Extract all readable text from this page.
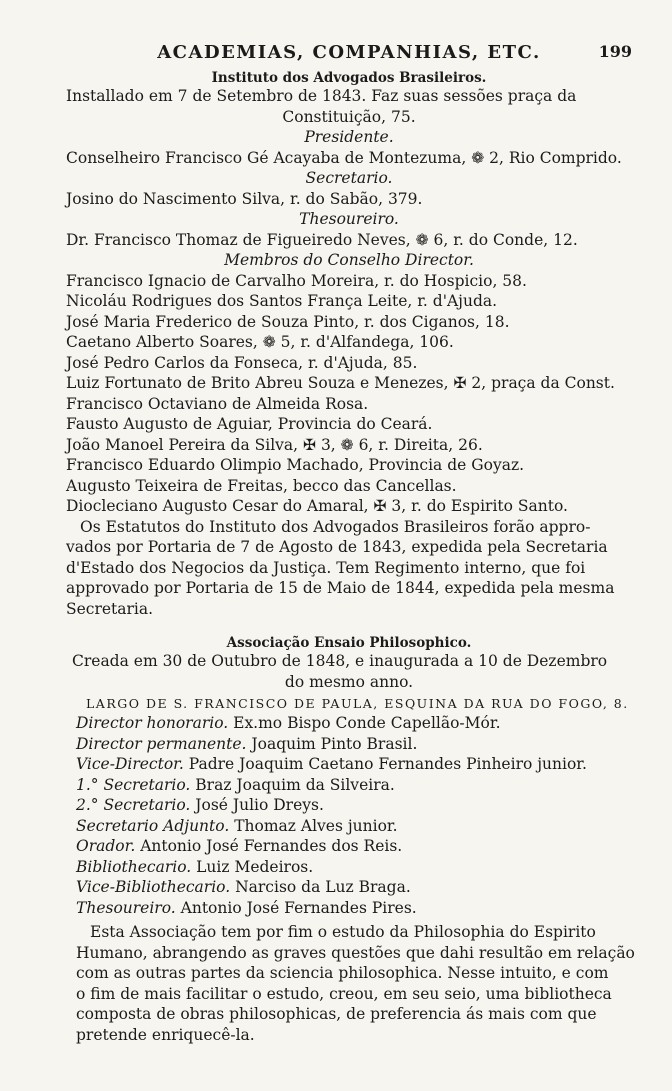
ACADEMIAS, COMPANHIAS, ETC.	199
Instituto dos Advogados Brasileiros.
Installado em 7 de Setembro de 1843. Faz suas sessões praça da
Constituição, 75.
Presidente.
Conselheiro Francisco Gé Acayaba de Montezuma, ❁ 2, Rio Comprido.
Secretario.
Josino do Nascimento Silva, r. do Sabão, 379.
Thesoureiro.
Dr. Francisco Thomaz de Figueiredo Neves, ❁ 6, r. do Conde, 12.
Membros do Conselho Director.
Francisco Ignacio de Carvalho Moreira, r. do Hospicio, 58.
Nicoláu Rodrigues dos Santos França Leite, r. d'Ajuda.
José Maria Frederico de Souza Pinto, r. dos Ciganos, 18.
Caetano Alberto Soares, ❁ 5, r. d'Alfandega, 106.
José Pedro Carlos da Fonseca, r. d'Ajuda, 85.
Luiz Fortunato de Brito Abreu Souza e Menezes, ✠ 2, praça da Const.
Francisco Octaviano de Almeida Rosa.
Fausto Augusto de Aguiar, Provincia do Ceará.
João Manoel Pereira da Silva, ✠ 3, ❁ 6, r. Direita, 26.
Francisco Eduardo Olimpio Machado, Provincia de Goyaz.
Augusto Teixeira de Freitas, becco das Cancellas.
Diocleciano Augusto Cesar do Amaral, ✠ 3, r. do Espirito Santo.
Os Estatutos do Instituto dos Advogados Brasileiros forão appro-
vados por Portaria de 7 de Agosto de 1843, expedida pela Secretaria
d'Estado dos Negocios da Justiça. Tem Regimento interno, que foi
approvado por Portaria de 15 de Maio de 1844, expedida pela mesma
Secretaria.
Associação Ensaio Philosophico.
Creada em 30 de Outubro de 1848, e inaugurada a 10 de Dezembro
do mesmo anno.
LARGO DE S. FRANCISCO DE PAULA, ESQUINA DA RUA DO FOGO, 8.
Director honorario. Ex.mo Bispo Conde Capellão-Mór.
Director permanente. Joaquim Pinto Brasil.
Vice-Director. Padre Joaquim Caetano Fernandes Pinheiro junior.
1.° Secretario. Braz Joaquim da Silveira.
2.° Secretario. José Julio Dreys.
Secretario Adjunto. Thomaz Alves junior.
Orador. Antonio José Fernandes dos Reis.
Bibliothecario. Luiz Medeiros.
Vice-Bibliothecario. Narciso da Luz Braga.
Thesoureiro. Antonio José Fernandes Pires.
Esta Associação tem por fim o estudo da Philosophia do Espirito
Humano, abrangendo as graves questões que dahi resultão em relação
com as outras partes da sciencia philosophica. Nesse intuito, e com
o fim de mais facilitar o estudo, creou, em seu seio, uma bibliotheca
composta de obras philosophicas, de preferencia ás mais com que
pretende enriquecê-la.
